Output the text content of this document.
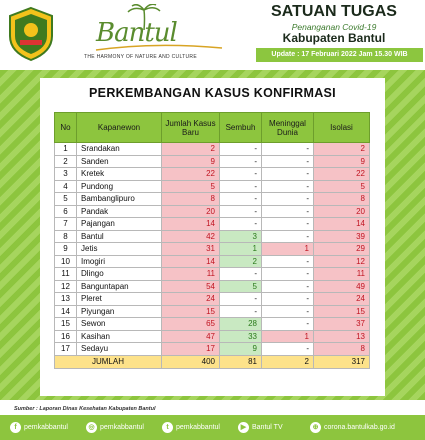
Bantul
THE HARMONY OF NATURE AND CULTURE
SATUAN TUGAS
Penanganan Covid-19
Kabupaten Bantul
Update : 17 Februari 2022 Jam 15.30 WIB
PERKEMBANGAN KASUS KONFIRMASI
No	Kapanewon	Jumlah Kasus Baru	Sembuh	Meninggal Dunia	Isolasi
1	Srandakan	2	-	-	2
2	Sanden	9	-	-	9
3	Kretek	22	-	-	22
4	Pundong	5	-	-	5
5	Bambanglipuro	8	-	-	8
6	Pandak	20	-	-	20
7	Pajangan	14	-	-	14
8	Bantul	42	3	-	39
9	Jetis	31	1	1	29
10	Imogiri	14	2	-	12
11	Dlingo	11	-	-	11
12	Banguntapan	54	5	-	49
13	Pleret	24	-	-	24
14	Piyungan	15	-	-	15
15	Sewon	65	28	-	37
16	Kasihan	47	33	1	13
17	Sedayu	17	9	-	8
JUMLAH		400	81	2	317
Sumber : Laporan Dinas Kesehatan Kabupaten Bantul
f pemkabbantul	◎ pemkabbantul	t pemkabbantul	▶ Bantul TV	⊕ corona.bantulkab.go.id
